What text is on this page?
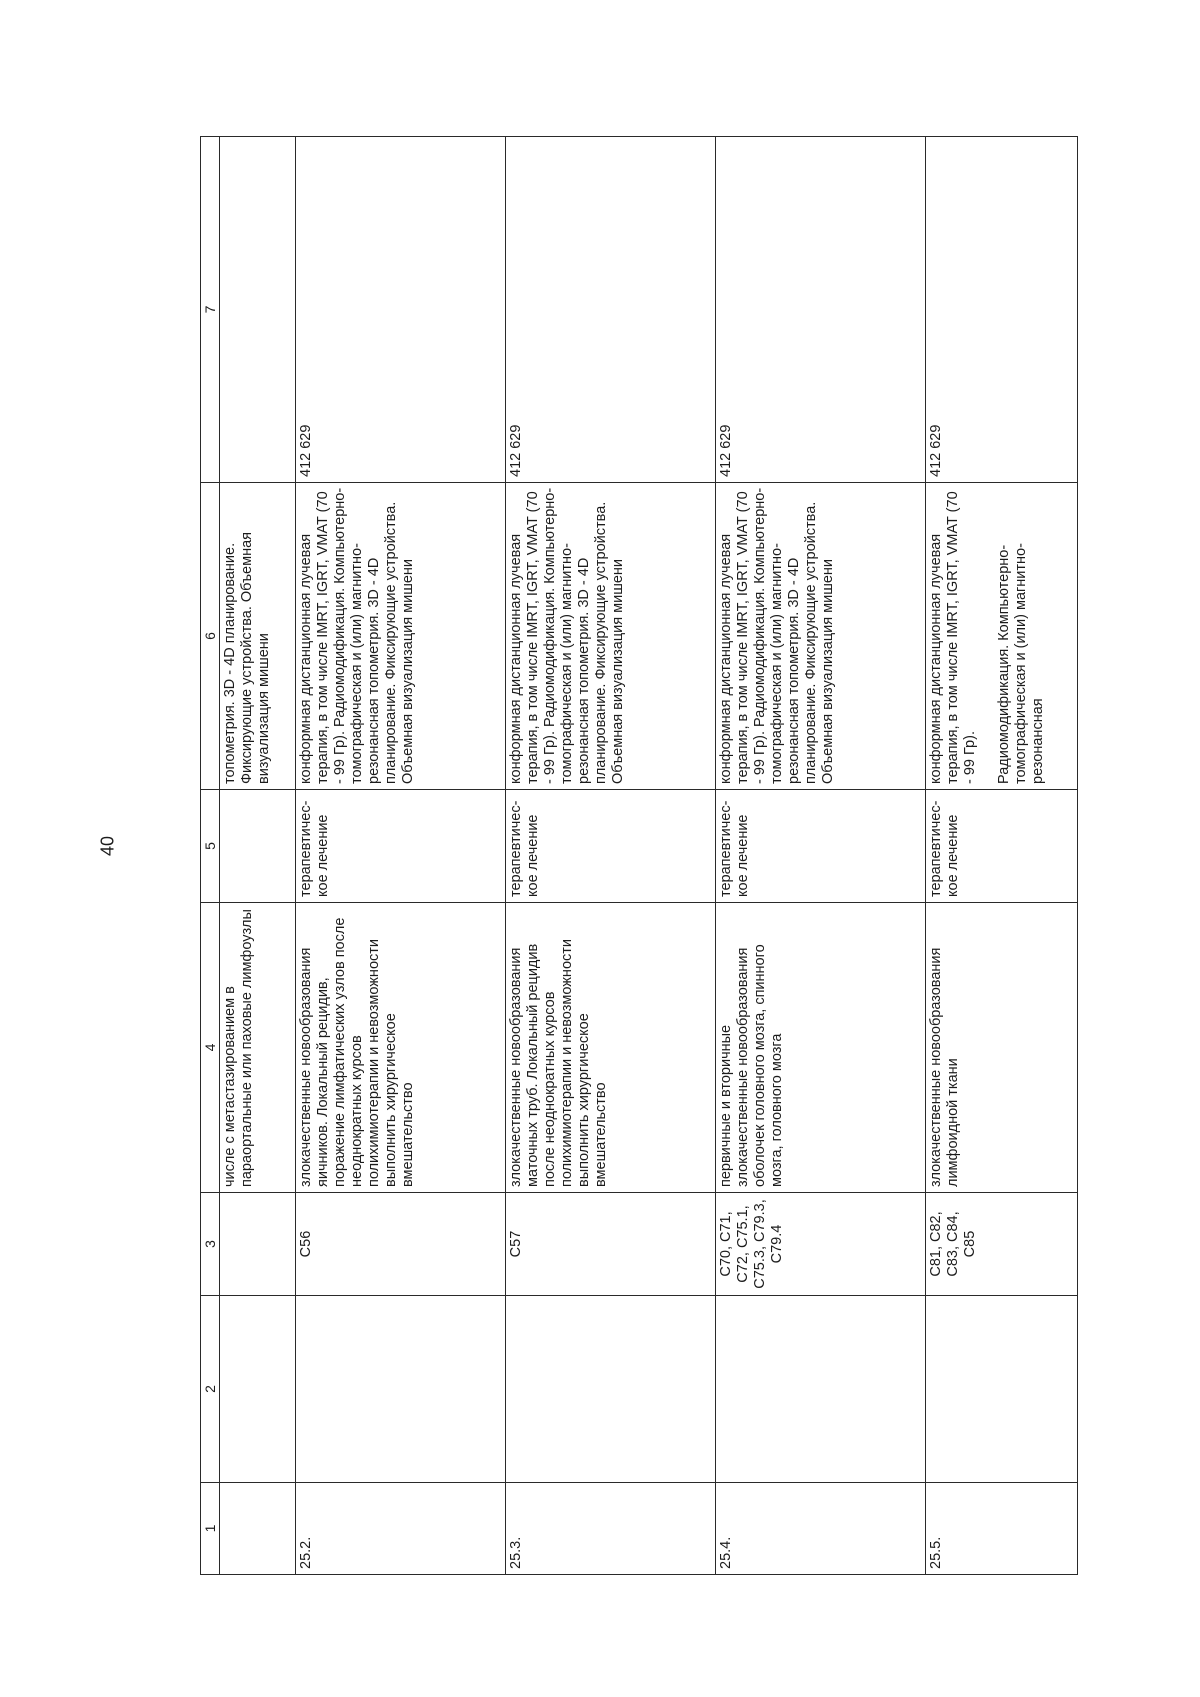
40
1	2	3	4	5	6	7
			числе с метастазированием в параортальные или паховые лимфоузлы		топометрия. 3D - 4D планирование. Фиксирующие устройства. Объемная визуализация мишени	
25.2.		C56	злокачественные новообразования яичников. Локальный рецидив, поражение лимфатических узлов после неоднократных курсов полихимиотерапии и невозможности выполнить хирургическое вмешательство	терапевтичес-кое лечение	конформная дистанционная лучевая терапия, в том числе IMRT, IGRT, VMAT (70 - 99 Гр). Радиомодификация. Компьютерно-томографическая и (или) магнитно-резонансная топометрия. 3D - 4D планирование. Фиксирующие устройства. Объемная визуализация мишени	412 629
25.3.		C57	злокачественные новообразования маточных труб. Локальный рецидив после неоднократных курсов полихимиотерапии и невозможности выполнить хирургическое вмешательство	терапевтичес-кое лечение	конформная дистанционная лучевая терапия, в том числе IMRT, IGRT, VMAT (70 - 99 Гр). Радиомодификация. Компьютерно-томографическая и (или) магнитно-резонансная топометрия. 3D - 4D планирование. Фиксирующие устройства. Объемная визуализация мишени	412 629
25.4.		C70, C71, C72, C75.1, C75.3, C79.3, C79.4	первичные и вторичные злокачественные новообразования оболочек головного мозга, спинного мозга, головного мозга	терапевтичес-кое лечение	конформная дистанционная лучевая терапия, в том числе IMRT, IGRT, VMAT (70 - 99 Гр). Радиомодификация. Компьютерно-томографическая и (или) магнитно-резонансная топометрия. 3D - 4D планирование. Фиксирующие устройства. Объемная визуализация мишени	412 629
25.5.		C81, C82, C83, C84, C85	злокачественные новообразования лимфоидной ткани	терапевтичес-кое лечение	конформная дистанционная лучевая терапия, в том числе IMRT, IGRT, VMAT (70 - 99 Гр). Радиомодификация. Компьютерно-томографическая и (или) магнитно-резонансная	412 629
